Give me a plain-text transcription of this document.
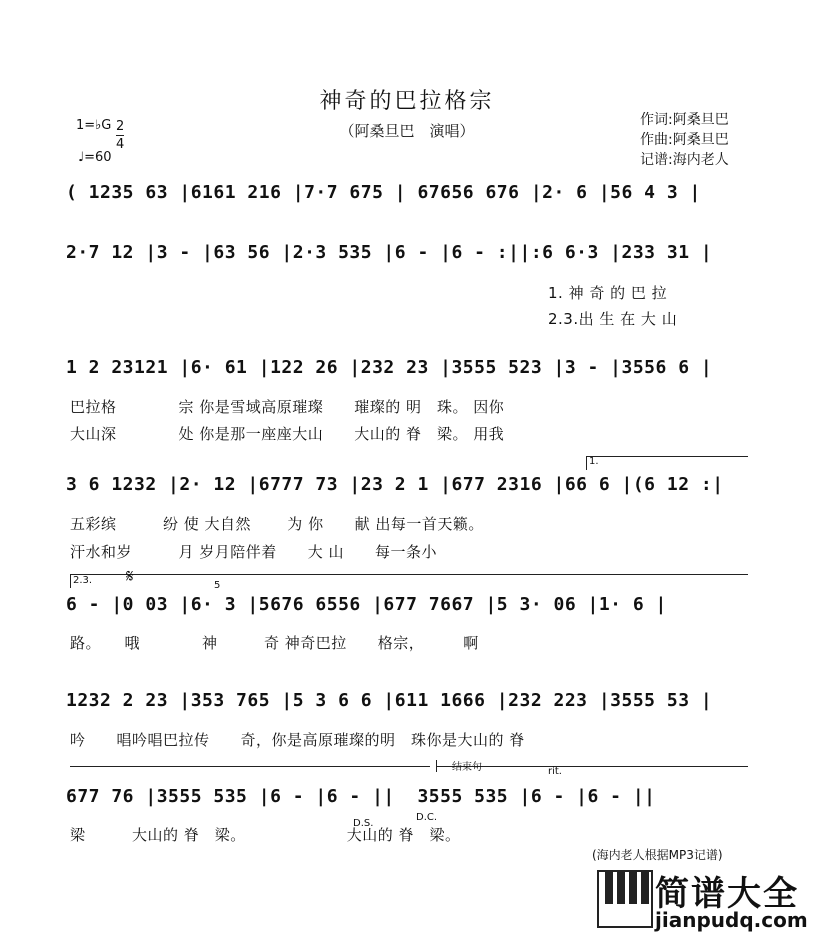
神奇的巴拉格宗
（阿桑旦巴　演唱）
作词:阿桑旦巴
作曲:阿桑旦巴
记谱:海内老人
1=♭G $\frac{2}{4}$
♩=60
( 1235 63 |6161 216 |7·7 675 | 67656 676 |2· 6 |56 4 3 |
2·7 12 |3 - |63 56 |2·3 535 |6 - |6 - :||:6 6·3 |233 31 |
1. 神 奇 的 巴 拉
2.3.出 生 在 大 山
1 2 23121 |6· 61 |122 26 |232 23 |3555 523 |3 - |3556 6 |
巴拉格　　　　宗 你是雪域高原璀璨　　璀璨的 明　珠。 因你
大山深　　　　处 你是那一座座大山　　大山的 脊　梁。 用我
1.
3 6 1232 |2· 12 |6777 73 |23 2 1 |677 2316 |66 6 |(6 12 :|
五彩缤　　　纷 使 大自然　　 为 你　　献 出每一首天籁。
汗水和岁　　　月 岁月陪伴着　　大 山　　每一条小
2.3. 𝄋	5
6 - |0 03 |6· 3 |5676 6556 |677 7667 |5 3· 06 |1· 6 |
路。　　哦　　　　神　　　奇 神奇巴拉　　格宗，　　　啊
1232 2 23 |353 765 |5 3 6 6 |611 1666 |232 223 |3555 53 |
吟　　唱吟唱巴拉传　　奇，你是高原璀璨的明　珠你是大山的 脊
结束句	rit.
677 76 |3555 535 |6 - |6 - ||  3555 535 |6 - |6 - ||
梁　　　大山的 脊　梁。　　　　　　　大山的 脊　梁。
D.S.
D.C.
(海内老人根据MP3记谱)
简谱大全
jianpudq.com
